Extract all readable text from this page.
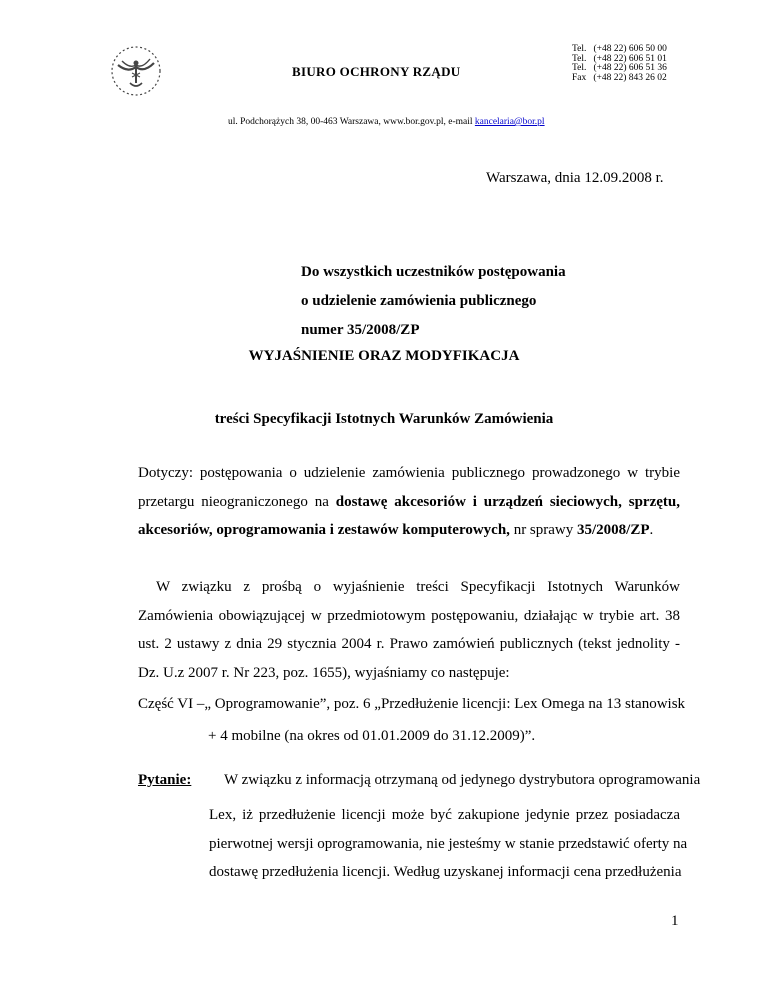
BIURO OCHRONY RZĄDU
Tel. (+48 22) 606 50 00
Tel. (+48 22) 606 51 01
Tel. (+48 22) 606 51 36
Fax (+48 22) 843 26 02
ul. Podchorążych 38, 00-463 Warszawa, www.bor.gov.pl, e-mail kancelaria@bor.pl
Warszawa, dnia 12.09.2008 r.
Do wszystkich uczestników postępowania
o udzielenie zamówienia publicznego
numer 35/2008/ZP
WYJAŚNIENIE ORAZ MODYFIKACJA
treści Specyfikacji Istotnych Warunków Zamówienia
Dotyczy: postępowania o udzielenie zamówienia publicznego prowadzonego w trybie
przetargu nieograniczonego na dostawę akcesoriów i urządzeń sieciowych, sprzętu,
akcesoriów, oprogramowania i zestawów komputerowych, nr sprawy 35/2008/ZP.
W związku z prośbą o wyjaśnienie treści Specyfikacji Istotnych Warunków
Zamówienia obowiązującej w przedmiotowym postępowaniu, działając w trybie art. 38
ust. 2 ustawy z dnia 29 stycznia 2004 r. Prawo zamówień publicznych (tekst jednolity -
Dz. U.z 2007 r. Nr 223, poz. 1655), wyjaśniamy co następuje:
Część VI –„ Oprogramowanie”, poz. 6 „Przedłużenie licencji: Lex Omega na 13 stanowisk
+ 4 mobilne (na okres od 01.01.2009 do 31.12.2009)”.
Pytanie: W związku z informacją otrzymaną od jedynego dystrybutora oprogramowania
Lex, iż przedłużenie licencji może być zakupione jedynie przez posiadacza
pierwotnej wersji oprogramowania, nie jesteśmy w stanie przedstawić oferty na
dostawę przedłużenia licencji. Według uzyskanej informacji cena przedłużenia
1
